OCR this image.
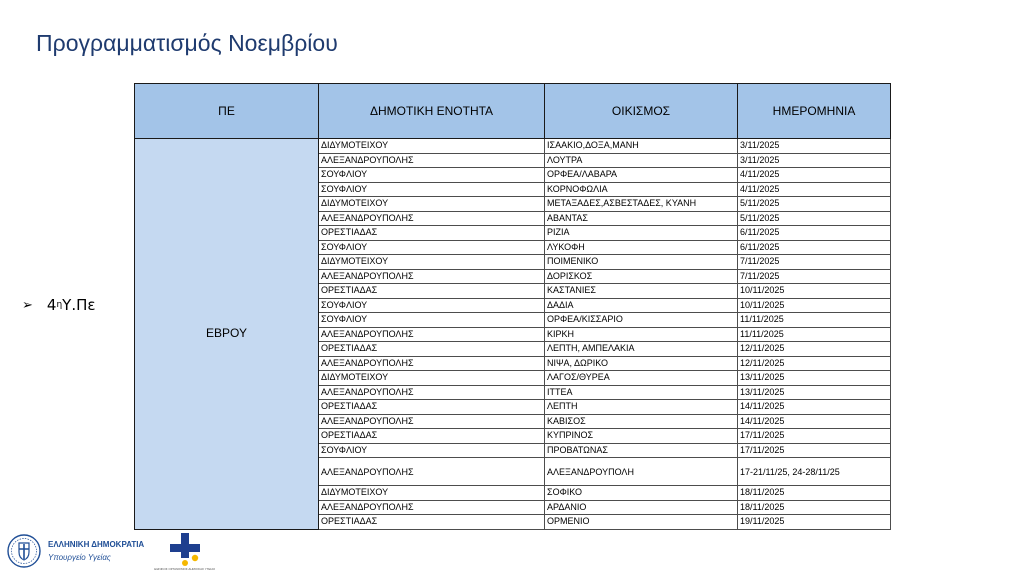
Προγραμματισμός Νοεμβρίου
➢ 4 η Υ.Πε
ΠΕ	ΔΗΜΟΤΙΚΗ ΕΝΟΤΗΤΑ	ΟΙΚΙΣΜΟΣ	ΗΜΕΡΟΜΗΝΙΑ
ΕΒΡΟΥ	ΔΙΔΥΜΟΤΕΙΧΟΥ	ΙΣΑΑΚΙΟ,ΔΟΞΑ,ΜΑΝΗ	3/11/2025
	ΑΛΕΞΑΝΔΡΟΥΠΟΛΗΣ	ΛΟΥΤΡΑ	3/11/2025
	ΣΟΥΦΛΙΟΥ	ΟΡΦΕΑ/ΛΑΒΑΡΑ	4/11/2025
	ΣΟΥΦΛΙΟΥ	ΚΟΡΝΟΦΩΛΙΑ	4/11/2025
	ΔΙΔΥΜΟΤΕΙΧΟΥ	ΜΕΤΑΞΑΔΕΣ,ΑΣΒΕΣΤΑΔΕΣ, ΚΥΑΝΗ	5/11/2025
	ΑΛΕΞΑΝΔΡΟΥΠΟΛΗΣ	ΑΒΑΝΤΑΣ	5/11/2025
	ΟΡΕΣΤΙΑΔΑΣ	ΡΙΖΙΑ	6/11/2025
	ΣΟΥΦΛΙΟΥ	ΛΥΚΟΦΗ	6/11/2025
	ΔΙΔΥΜΟΤΕΙΧΟΥ	ΠΟΙΜΕΝΙΚΟ	7/11/2025
	ΑΛΕΞΑΝΔΡΟΥΠΟΛΗΣ	ΔΟΡΙΣΚΟΣ	7/11/2025
	ΟΡΕΣΤΙΑΔΑΣ	ΚΑΣΤΑΝΙΕΣ	10/11/2025
	ΣΟΥΦΛΙΟΥ	ΔΑΔΙΑ	10/11/2025
	ΣΟΥΦΛΙΟΥ	ΟΡΦΕΑ/ΚΙΣΣΑΡΙΟ	11/11/2025
	ΑΛΕΞΑΝΔΡΟΥΠΟΛΗΣ	ΚΙΡΚΗ	11/11/2025
	ΟΡΕΣΤΙΑΔΑΣ	ΛΕΠΤΗ, ΑΜΠΕΛΑΚΙΑ	12/11/2025
	ΑΛΕΞΑΝΔΡΟΥΠΟΛΗΣ	ΝΙΨΑ, ΔΩΡΙΚΟ	12/11/2025
	ΔΙΔΥΜΟΤΕΙΧΟΥ	ΛΑΓΟΣ/ΘΥΡΕΑ	13/11/2025
	ΑΛΕΞΑΝΔΡΟΥΠΟΛΗΣ	ΙΤΤΕΑ	13/11/2025
	ΟΡΕΣΤΙΑΔΑΣ	ΛΕΠΤΗ	14/11/2025
	ΑΛΕΞΑΝΔΡΟΥΠΟΛΗΣ	ΚΑΒΙΣΟΣ	14/11/2025
	ΟΡΕΣΤΙΑΔΑΣ	ΚΥΠΡΙΝΟΣ	17/11/2025
	ΣΟΥΦΛΙΟΥ	ΠΡΟΒΑΤΩΝΑΣ	17/11/2025
	ΑΛΕΞΑΝΔΡΟΥΠΟΛΗΣ	ΑΛΕΞΑΝΔΡΟΥΠΟΛΗ	17-21/11/25, 24-28/11/25
	ΔΙΔΥΜΟΤΕΙΧΟΥ	ΣΟΦΙΚΟ	18/11/2025
	ΑΛΕΞΑΝΔΡΟΥΠΟΛΗΣ	ΑΡΔΑΝΙΟ	18/11/2025
	ΟΡΕΣΤΙΑΔΑΣ	ΟΡΜΕΝΙΟ	19/11/2025
ΕΛΛΗΝΙΚΗ ΔΗΜΟΚΡΑΤΙΑ
Υπουργείο Υγείας
ΕΘΝΙΚΟΣ ΟΡΓΑΝΙΣΜΟΣ ΔΗΜΟΣΙΑΣ ΥΓΕΙΑΣ
